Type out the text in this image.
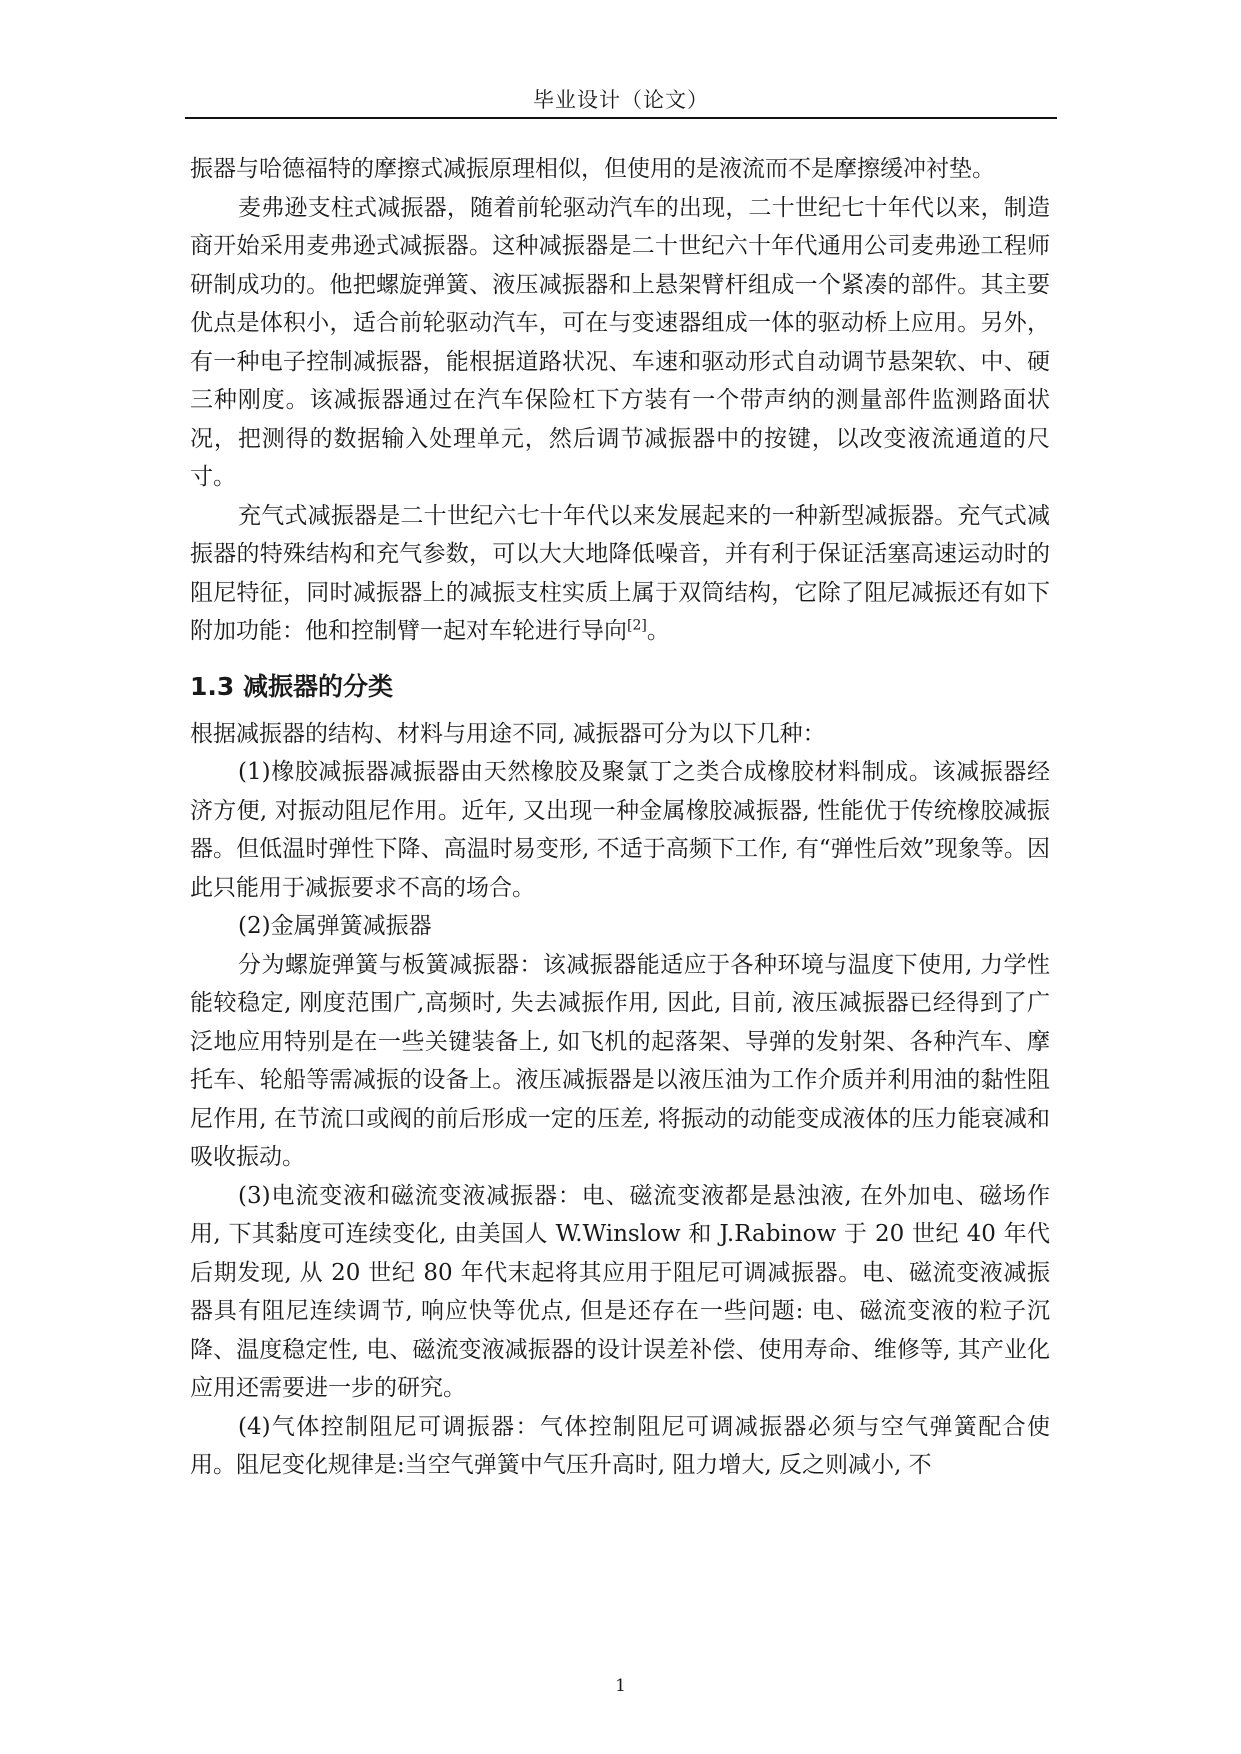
毕业设计（论文）

振器与哈德福特的摩擦式减振原理相似，但使用的是液流而不是摩擦缓冲衬垫。

麦弗逊支柱式减振器，随着前轮驱动汽车的出现，二十世纪七十年代以来，制造商开始采用麦弗逊式减振器。这种减振器是二十世纪六十年代通用公司麦弗逊工程师研制成功的。他把螺旋弹簧、液压减振器和上悬架臂杆组成一个紧凑的部件。其主要优点是体积小，适合前轮驱动汽车，可在与变速器组成一体的驱动桥上应用。另外，有一种电子控制减振器，能根据道路状况、车速和驱动形式自动调节悬架软、中、硬三种刚度。该减振器通过在汽车保险杠下方装有一个带声纳的测量部件监测路面状况，把测得的数据输入处理单元，然后调节减振器中的按键，以改变液流通道的尺寸。

充气式减振器是二十世纪六七十年代以来发展起来的一种新型减振器。充气式减振器的特殊结构和充气参数，可以大大地降低噪音，并有利于保证活塞高速运动时的阻尼特征，同时减振器上的减振支柱实质上属于双筒结构，它除了阻尼减振还有如下附加功能：他和控制臂一起对车轮进行导向[2]。

1.3 减振器的分类

根据减振器的结构、材料与用途不同, 减振器可分为以下几种：

(1)橡胶减振器减振器由天然橡胶及聚氯丁之类合成橡胶材料制成。该减振器经济方便, 对振动阻尼作用。近年, 又出现一种金属橡胶减振器, 性能优于传统橡胶减振器。但低温时弹性下降、高温时易变形, 不适于高频下工作, 有“弹性后效”现象等。因此只能用于减振要求不高的场合。

(2)金属弹簧减振器

分为螺旋弹簧与板簧减振器：该减振器能适应于各种环境与温度下使用, 力学性能较稳定, 刚度范围广,高频时, 失去减振作用, 因此, 目前, 液压减振器已经得到了广泛地应用特别是在一些关键装备上, 如飞机的起落架、导弹的发射架、各种汽车、摩托车、轮船等需减振的设备上。液压减振器是以液压油为工作介质并利用油的黏性阻尼作用, 在节流口或阀的前后形成一定的压差, 将振动的动能变成液体的压力能衰减和吸收振动。

(3)电流变液和磁流变液减振器：电、磁流变液都是悬浊液, 在外加电、磁场作用, 下其黏度可连续变化, 由美国人 W.Winslow 和 J.Rabinow 于 20 世纪 40 年代后期发现, 从 20 世纪 80 年代末起将其应用于阻尼可调减振器。电、磁流变液减振器具有阻尼连续调节, 响应快等优点, 但是还存在一些问题: 电、磁流变液的粒子沉降、温度稳定性, 电、磁流变液减振器的设计误差补偿、使用寿命、维修等, 其产业化应用还需要进一步的研究。

(4)气体控制阻尼可调振器：气体控制阻尼可调减振器必须与空气弹簧配合使用。阻尼变化规律是:当空气弹簧中气压升高时, 阻力增大, 反之则减小, 不

1
